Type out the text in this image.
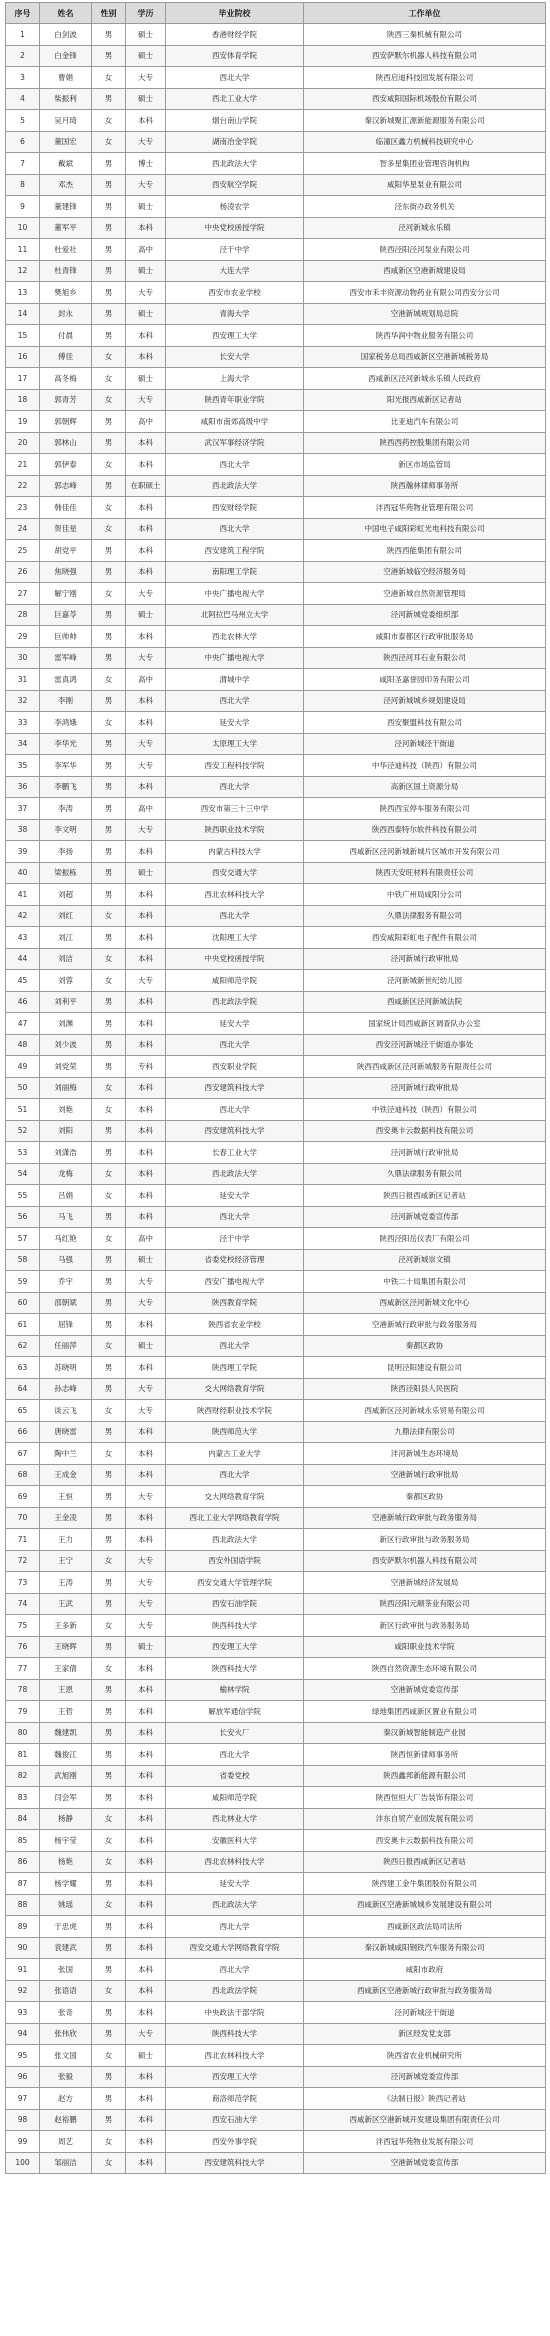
序号	姓名	性别	学历	毕业院校	工作单位
1	白剑波	男	硕士	香港财经学院	陕西三秦机械有限公司
2	白金锋	男	硕士	西安体育学院	西安萨默尔机器人科技有限公司
3	曹娟	女	大专	西北大学	陕西启迪科技园发展有限公司
4	柴振利	男	硕士	西北工业大学	西安咸阳国际机场股份有限公司
5	吴月琦	女	本科	烟台南山学院	秦汉新城聚汇源新能源服务有限公司
6	董国宏	女	大专	湖南冶金学院	临潼区鑫力机械科技研究中心
7	戴斌	男	博士	西北政法大学	智多星集团业管理咨询机构
8	邓杰	男	大专	西安航空学院	咸阳华星泵业有限公司
9	董建锋	男	硕士	杨凌农学	泾东街办政务机关
10	董军平	男	本科	中央党校函授学院	泾河新城永乐镇
11	杜爱社	男	高中	泾干中学	陕西泾阳泾河泵业有限公司
12	杜青锋	男	硕士	大连大学	西咸新区空港新城建设局
13	樊旭乡	男	大专	西安市农业学校	西安市禾丰资源动物药业有限公司西安分公司
14	封永	男	硕士	青海大学	空港新城规划局总院
15	付晨	男	本科	西安理工大学	陕西华润中物业服务有限公司
16	傅佳	女	本科	长安大学	国家税务总局西咸新区空港新城税务局
17	高冬梅	女	硕士	上海大学	西咸新区泾河新城永乐镇人民政府
18	郭青芳	女	大专	陕西青年职业学院	阳光报西咸新区记者站
19	郭朝辉	男	高中	咸阳市南郊高级中学	比亚迪汽车有限公司
20	郭林山	男	本科	武汉军事经济学院	陕西西药控股集团有限公司
21	郭伊泰	女	本科	西北大学	新区市场监管局
22	郭志峰	男	在职硕士	西北政法大学	陕西瀚林律师事务所
23	韩佳佳	女	本科	西安财经学院	沣西冠华苑物业管理有限公司
24	贺佳星	女	本科	西北大学	中国电子咸阳彩虹光电科技有限公司
25	胡党平	男	本科	西安建筑工程学院	陕西西能集团有限公司
26	焦晓强	男	本科	南阳理工学院	空港新城临空经济服务局
27	解宁刚	女	大专	中央广播电视大学	空港新城自然资源管理局
28	巨嘉苓	男	硕士	北阿拉巴马州立大学	泾河新城党委组织部
29	巨帅帅	男	本科	西北农林大学	咸阳市泰都区行政审批服务局
30	雷军峰	男	大专	中央广播电视大学	陕西泾河耳石业有限公司
31	雷真鸿	女	高中	渭城中学	咸阳圣嘉誉园印务有限公司
32	李刚	男	本科	西北大学	泾河新城城乡规划建设局
33	李鸿娥	女	本科	延安大学	西安聚盟科技有限公司
34	李华光	男	大专	太原理工大学	泾河新城泾干街道
35	李军华	男	大专	西安工程科技学院	中华泾迪科技（陕西）有限公司
36	李鹏飞	男	本科	西北大学	高新区国土资源分局
37	李涛	男	高中	西安市第三十三中学	陕西西宝停车服务有限公司
38	李文明	男	大专	陕西职业技术学院	陕西西泰特尔软件科技有限公司
39	李扬	男	本科	内蒙古科技大学	西咸新区泾河新城新城片区城市开发有限公司
40	梁振栋	男	硕士	西安交通大学	陕西天安旺材料有限责任公司
41	刘超	男	本科	西北农林科技大学	中铁广州局咸阳分公司
42	刘红	女	本科	西北大学	久鼎法律服务有限公司
43	刘江	男	本科	沈阳理工大学	西安咸阳彩虹电子配件有限公司
44	刘洁	女	本科	中央党校函授学院	泾河新城行政审批局
45	刘蓉	女	大专	咸阳师范学院	泾河新城新世纪幼儿园
46	刘利平	男	本科	西北政法学院	西咸新区泾河新城法院
47	刘渊	男	本科	延安大学	国家统计局西咸新区调查队办公室
48	刘少波	男	本科	西北大学	西安泾河新城泾干街道办事处
49	刘党荣	男	专科	西安职业学院	陕西西咸新区泾河新城服务有限责任公司
50	刘丽梅	女	本科	西安建筑科技大学	泾河新城行政审批局
51	刘艳	女	本科	西北大学	中铁泾迪科技（陕西）有限公司
52	刘阳	男	本科	西安建筑科技大学	西安奥卡云数据科技有限公司
53	刘潇浩	男	本科	长春工业大学	泾河新城行政审批局
54	龙梅	女	本科	西北政法大学	久鼎法律服务有限公司
55	吕娟	女	本科	延安大学	陕西日报西咸新区记者站
56	马飞	男	本科	西北大学	泾河新城党委宣传部
57	马红艳	女	高中	泾干中学	陕西泾阳岳仪表厂有限公司
58	马强	男	硕士	省委党校经济管理	泾河新城崇文镇
59	乔宇	男	大专	西安广播电视大学	中铁二十局集团有限公司
60	邵朝斌	男	大专	陕西教育学院	西咸新区泾河新城文化中心
61	屈锋	男	本科	陕西省农业学校	空港新城行政审批与政务服务局
62	任丽萍	女	硕士	西北大学	秦都区政协
63	苏晓明	男	本科	陕西理工学院	昆明泾阳建设有限公司
64	孙志峰	男	大专	交大网络教育学院	陕西泾阳县人民医院
65	谈云飞	女	大专	陕西财经职业技术学院	西咸新区泾河新城永乐贸易有限公司
66	唐晓雷	男	本科	陕西师范大学	九鼎法律有限公司
67	陶中兰	女	本科	内蒙古工业大学	沣河新城生态环境局
68	王成金	男	本科	西北大学	空港新城行政审批局
69	王恒	男	大专	交大网络教育学院	秦都区政协
70	王金凌	男	本科	西北工业大学网络教育学院	空港新城行政审批与政务服务局
71	王力	男	本科	西北政法大学	新区行政审批与政务服务局
72	王宁	女	大专	西安外国语学院	西安萨默尔机器人科技有限公司
73	王涛	男	大专	西安交通大学管理学院	空港新城经济发展局
74	王武	男	大专	西安石油学院	陕西泾阳元顺茶业有限公司
75	王多新	女	大专	陕西科技大学	新区行政审批与政务服务局
76	王晓晖	男	硕士	西安理工大学	咸阳职业技术学院
77	王家倩	女	本科	陕西科技大学	陕西自然资源生态环境有限公司
78	王恩	男	本科	榆林学院	空港新城党委宣传部
79	王哲	男	本科	解放军通信学院	绿地集团西咸新区置业有限公司
80	魏建凯	男	本科	长安火厂	秦汉新城智能制造产业园
81	魏俊江	男	本科	西北大学	陕西恒新律师事务所
82	武旭刚	男	本科	省委党校	陕西鑫邦新能源有限公司
83	闫会军	男	本科	咸阳师范学院	陕西恒恒大厂告装饰有限公司
84	杨静	女	本科	西北林业大学	沣东自贸产业园发展有限公司
85	杨宇莹	女	本科	安徽医科大学	西安奥卡云数据科技有限公司
86	杨艳	女	本科	西北农林科技大学	陕西日报西咸新区记者站
87	杨学耀	男	本科	延安大学	陕西建工金牛集团股份有限公司
88	姚瑶	女	本科	西北政法大学	西咸新区空港新城城乡发展建设有限公司
89	于忠虎	男	本科	西北大学	西咸新区政法局司法所
90	袁建武	男	本科	西安交通大学网络教育学院	秦汉新城咸阳钢铁汽车服务有限公司
91	张国	男	本科	西北大学	咸阳市政府
92	张语语	女	本科	西北政法学院	西咸新区空港新城行政审批与政务服务局
93	张奇	男	本科	中央政法干部学院	泾河新城泾干街道
94	张伟欣	男	大专	陕西科技大学	新区经发党支部
95	张文国	女	硕士	西北农林科技大学	陕西省农业机械研究所
96	张毅	男	本科	西安理工大学	泾河新城党委宣传部
97	赵方	男	本科	商洛师范学院	《法制日报》陕西记者站
98	赵裕鹏	男	本科	西安石油大学	西咸新区空港新城开发建设集团有限责任公司
99	周艺	女	本科	西安外事学院	沣西冠华苑物业发展有限公司
100	邹丽洁	女	本科	西安建筑科技大学	空港新城党委宣传部
